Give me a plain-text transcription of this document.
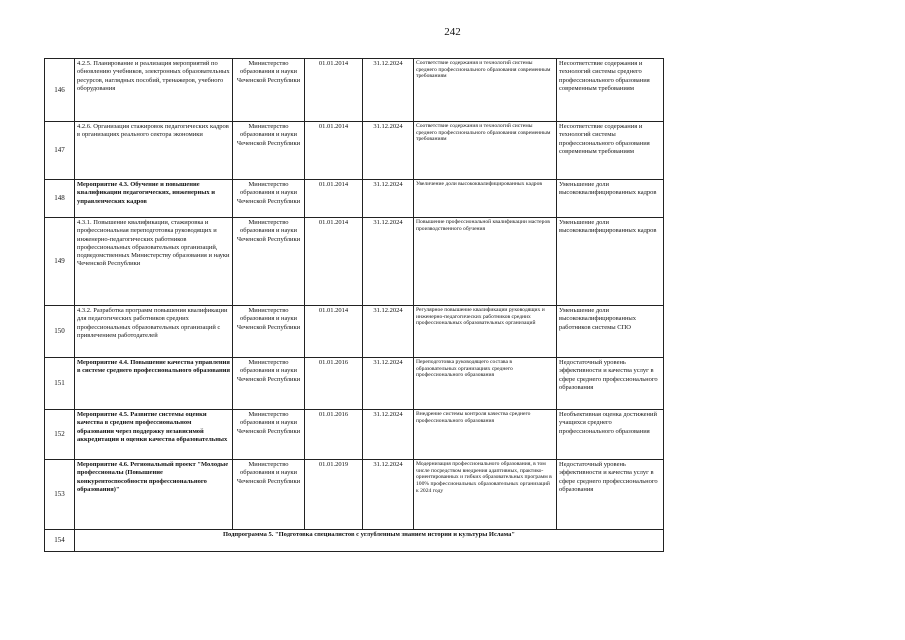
242
146	4.2.5. Планирование и реализация мероприятий по обновлению учебников, электронных образовательных ресурсов, наглядных пособий, тренажеров, учебного оборудования	Министерство образования и науки Чеченской Республики	01.01.2014	31.12.2024	Соответствие содержания и технологий системы среднего профессионального образования современным требованиям	Несоответствие содержания и технологий системы среднего профессионального образования современным требованиям
147	4.2.6. Организация стажировок педагогических кадров в организациях реального сектора экономики	Министерство образования и науки Чеченской Республики	01.01.2014	31.12.2024	Соответствие содержания и технологий системы среднего профессионального образования современным требованиям	Несоответствие содержания и технологий системы профессионального образования современным требованиям
148	Мероприятие 4.3. Обучение и повышение квалификации педагогических, инженерных и управленческих кадров	Министерство образования и науки Чеченской Республики	01.01.2014	31.12.2024	Увеличение доли высококвалифицированных кадров	Уменьшение доли высококвалифицированных кадров
149	4.3.1. Повышение квалификации, стажировка и профессиональная переподготовка руководящих и инженерно-педагогических работников профессиональных образовательных организаций, подведомственных Министерству образования и науки Чеченской Республики	Министерство образования и науки Чеченской Республики	01.01.2014	31.12.2024	Повышение профессиональной квалификации мастеров производственного обучения	Уменьшение доли высококвалифицированных кадров
150	4.3.2. Разработка программ повышения квалификации для педагогических работников средних профессиональных образовательных организаций с привлечением работодателей	Министерство образования и науки Чеченской Республики	01.01.2014	31.12.2024	Регулярное повышение квалификации руководящих и инженерно-педагогических работников средних профессиональных образовательных организаций	Уменьшение доли высококвалифицированных работников системы СПО
151	Мероприятие 4.4. Повышение качества управления в системе среднего профессионального образования	Министерство образования и науки Чеченской Республики	01.01.2016	31.12.2024	Переподготовка руководящего состава в образовательных организациях среднего профессионального образования	Недостаточный уровень эффективности и качества услуг в сфере среднего профессионального образования
152	Мероприятие 4.5. Развитие системы оценки качества в среднем профессиональном образовании через поддержку независимой аккредитации и оценки качества образовательных	Министерство образования и науки Чеченской Республики	01.01.2016	31.12.2024	Внедрение системы контроля качества среднего профессионального образования	Необъективная оценка достижений учащихся среднего профессионального образования
153	Мероприятие 4.6. Региональный проект "Молодые профессионалы (Повышение конкурентоспособности профессионального образования)"	Министерство образования и науки Чеченской Республики	01.01.2019	31.12.2024	Модернизация профессионального образования, в том числе посредством внедрения адаптивных, практико-ориентированных и гибких образовательных программ в 100% профессиональных образовательных организаций к 2024 году	Недостаточный уровень эффективности и качества услуг в сфере среднего профессионального образования
154	Подпрограмма 5. "Подготовка специалистов с углубленным знанием истории и культуры Ислама"					
